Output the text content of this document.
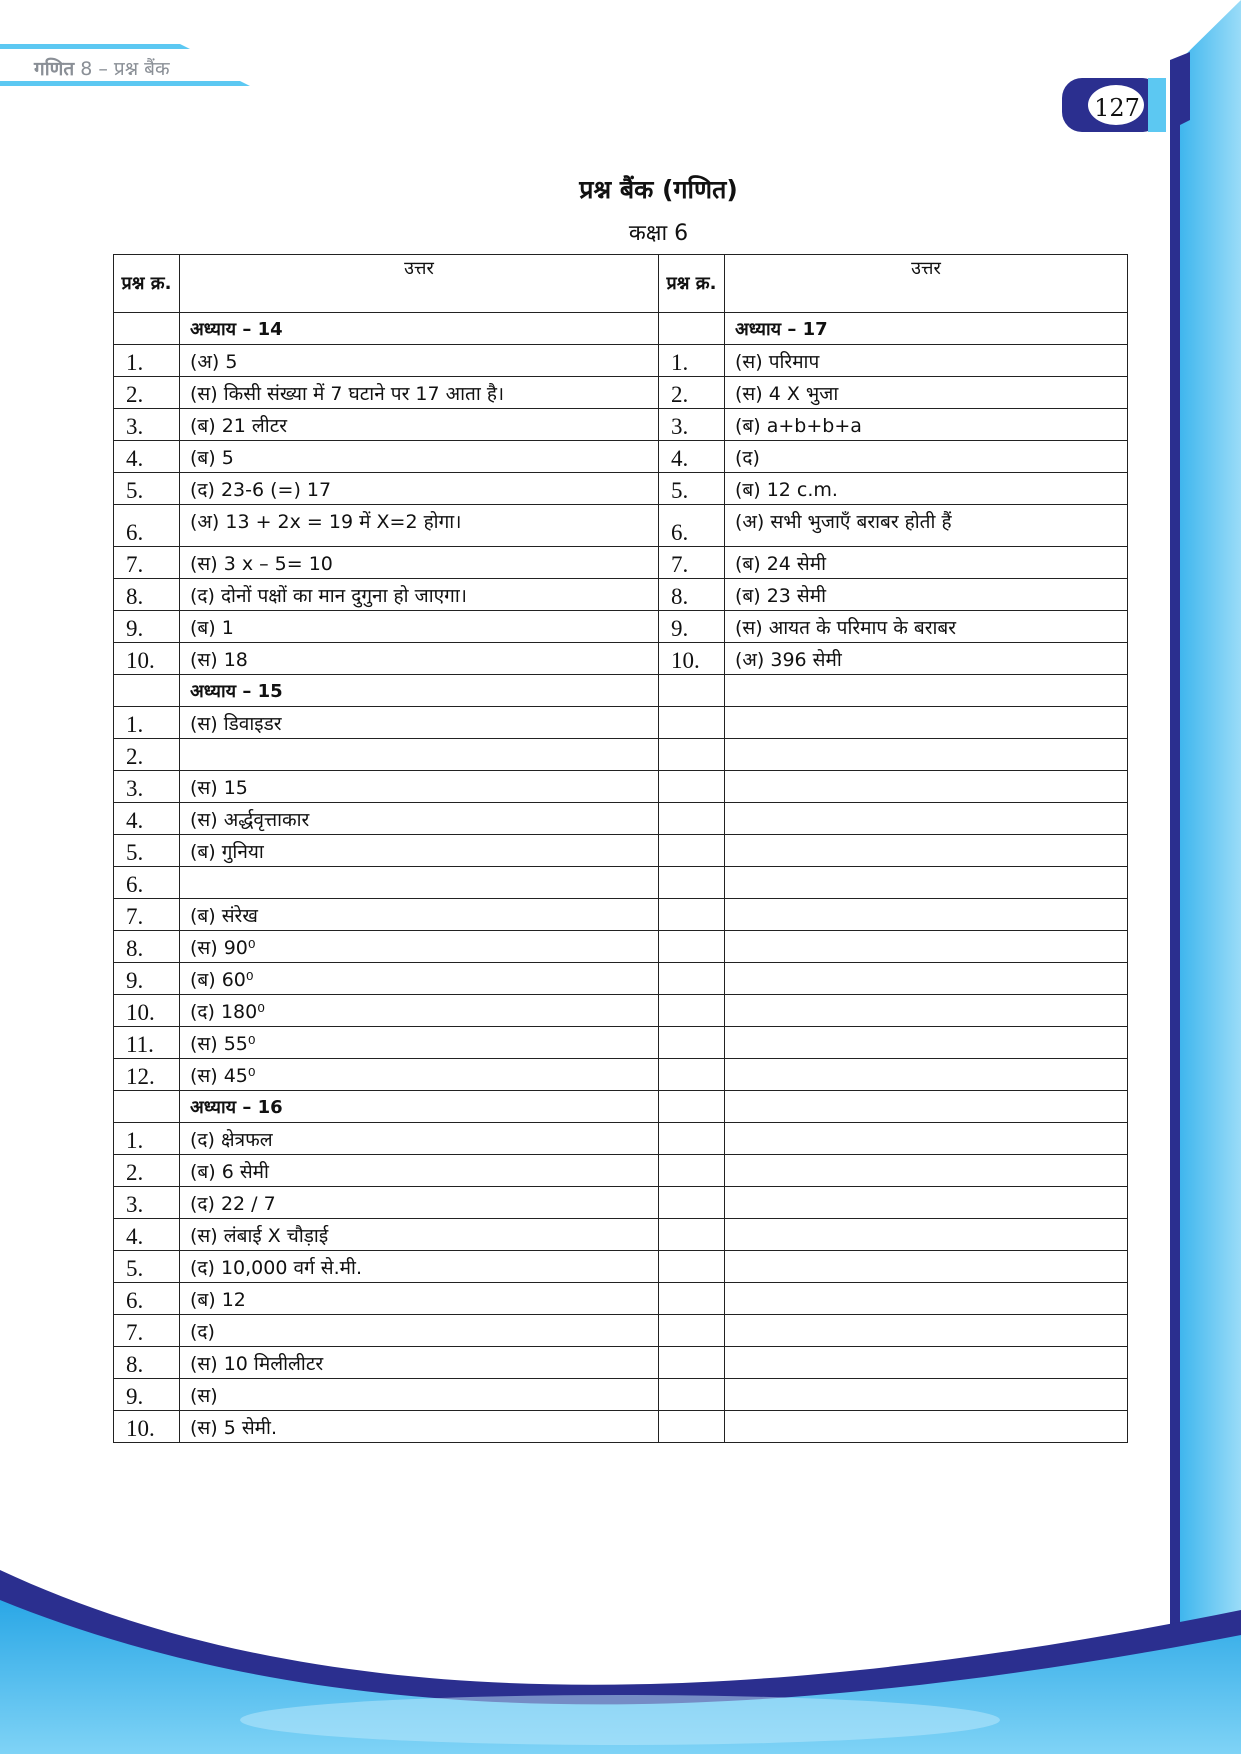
गणित 8 – प्रश्न बैंक
127
प्रश्न बैंक (गणित)
कक्षा 6
प्रश्न क्र.	उत्तर	प्रश्न क्र.	उत्तर
	अध्याय – 14		अध्याय – 17
1.	(अ) 5	1.	(स) परिमाप
2.	(स) किसी संख्या में 7 घटाने पर 17 आता है।	2.	(स) 4 X भुजा
3.	(ब) 21 लीटर	3.	(ब) a+b+b+a
4.	(ब) 5	4.	(द)
5.	(द) 23-6 (=) 17	5.	(ब) 12 c.m.
6.	(अ) 13 + 2x = 19 में X=2 होगा।	6.	(अ) सभी भुजाएँ बराबर होती हैं
7.	(स) 3 x – 5= 10	7.	(ब) 24 सेमी
8.	(द) दोनों पक्षों का मान दुगुना हो जाएगा।	8.	(ब) 23 सेमी
9.	(ब) 1	9.	(स) आयत के परिमाप के बराबर
10.	(स) 18	10.	(अ) 396 सेमी
	अध्याय – 15		
1.	(स) डिवाइडर		
2.			
3.	(स) 15		
4.	(स) अर्द्धवृत्ताकार		
5.	(ब) गुनिया		
6.			
7.	(ब) संरेख		
8.	(स) 90⁰		
9.	(ब) 60⁰		
10.	(द) 180⁰		
11.	(स) 55⁰		
12.	(स) 45⁰		
	अध्याय – 16		
1.	(द) क्षेत्रफल		
2.	(ब) 6 सेमी		
3.	(द) 22 / 7		
4.	(स) लंबाई X चौड़ाई		
5.	(द) 10,000 वर्ग से.मी.		
6.	(ब) 12		
7.	(द)		
8.	(स) 10 मिलीलीटर		
9.	(स)		
10.	(स) 5 सेमी.		
